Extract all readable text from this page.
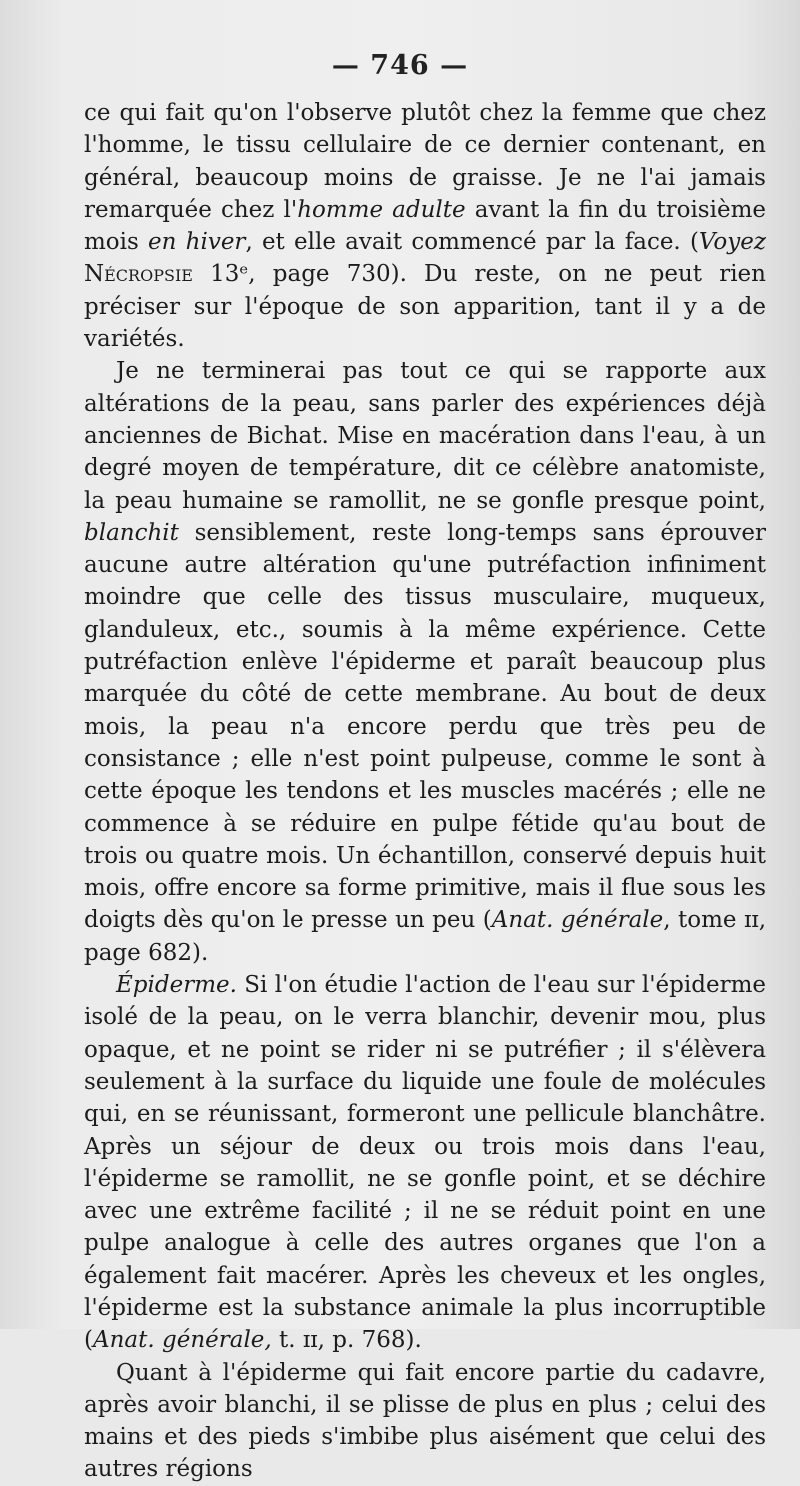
— 746 —

ce qui fait qu'on l'observe plutôt chez la femme que chez l'homme, le tissu cellulaire de ce dernier contenant, en général, beaucoup moins de graisse. Je ne l'ai jamais remarquée chez l'homme adulte avant la fin du troisième mois en hiver, et elle avait commencé par la face. (Voyez Nécropsie 13ᵉ, page 730). Du reste, on ne peut rien préciser sur l'époque de son apparition, tant il y a de variétés.

Je ne terminerai pas tout ce qui se rapporte aux altérations de la peau, sans parler des expériences déjà anciennes de Bichat. Mise en macération dans l'eau, à un degré moyen de température, dit ce célèbre anatomiste, la peau humaine se ramollit, ne se gonfle presque point, blanchit sensiblement, reste long-temps sans éprouver aucune autre altération qu'une putréfaction infiniment moindre que celle des tissus musculaire, muqueux, glanduleux, etc., soumis à la même expérience. Cette putréfaction enlève l'épiderme et paraît beaucoup plus marquée du côté de cette membrane. Au bout de deux mois, la peau n'a encore perdu que très peu de consistance ; elle n'est point pulpeuse, comme le sont à cette époque les tendons et les muscles macérés ; elle ne commence à se réduire en pulpe fétide qu'au bout de trois ou quatre mois. Un échantillon, conservé depuis huit mois, offre encore sa forme primitive, mais il flue sous les doigts dès qu'on le presse un peu (Anat. générale, tome ɪɪ, page 682).

Épiderme. Si l'on étudie l'action de l'eau sur l'épiderme isolé de la peau, on le verra blanchir, devenir mou, plus opaque, et ne point se rider ni se putréfier ; il s'élèvera seulement à la surface du liquide une foule de molécules qui, en se réunissant, formeront une pellicule blanchâtre. Après un séjour de deux ou trois mois dans l'eau, l'épiderme se ramollit, ne se gonfle point, et se déchire avec une extrême facilité ; il ne se réduit point en une pulpe analogue à celle des autres organes que l'on a également fait macérer. Après les cheveux et les ongles, l'épiderme est la substance animale la plus incorruptible (Anat. générale, t. ɪɪ, p. 768).

Quant à l'épiderme qui fait encore partie du cadavre, après avoir blanchi, il se plisse de plus en plus ; celui des mains et des pieds s'imbibe plus aisément que celui des autres régions
